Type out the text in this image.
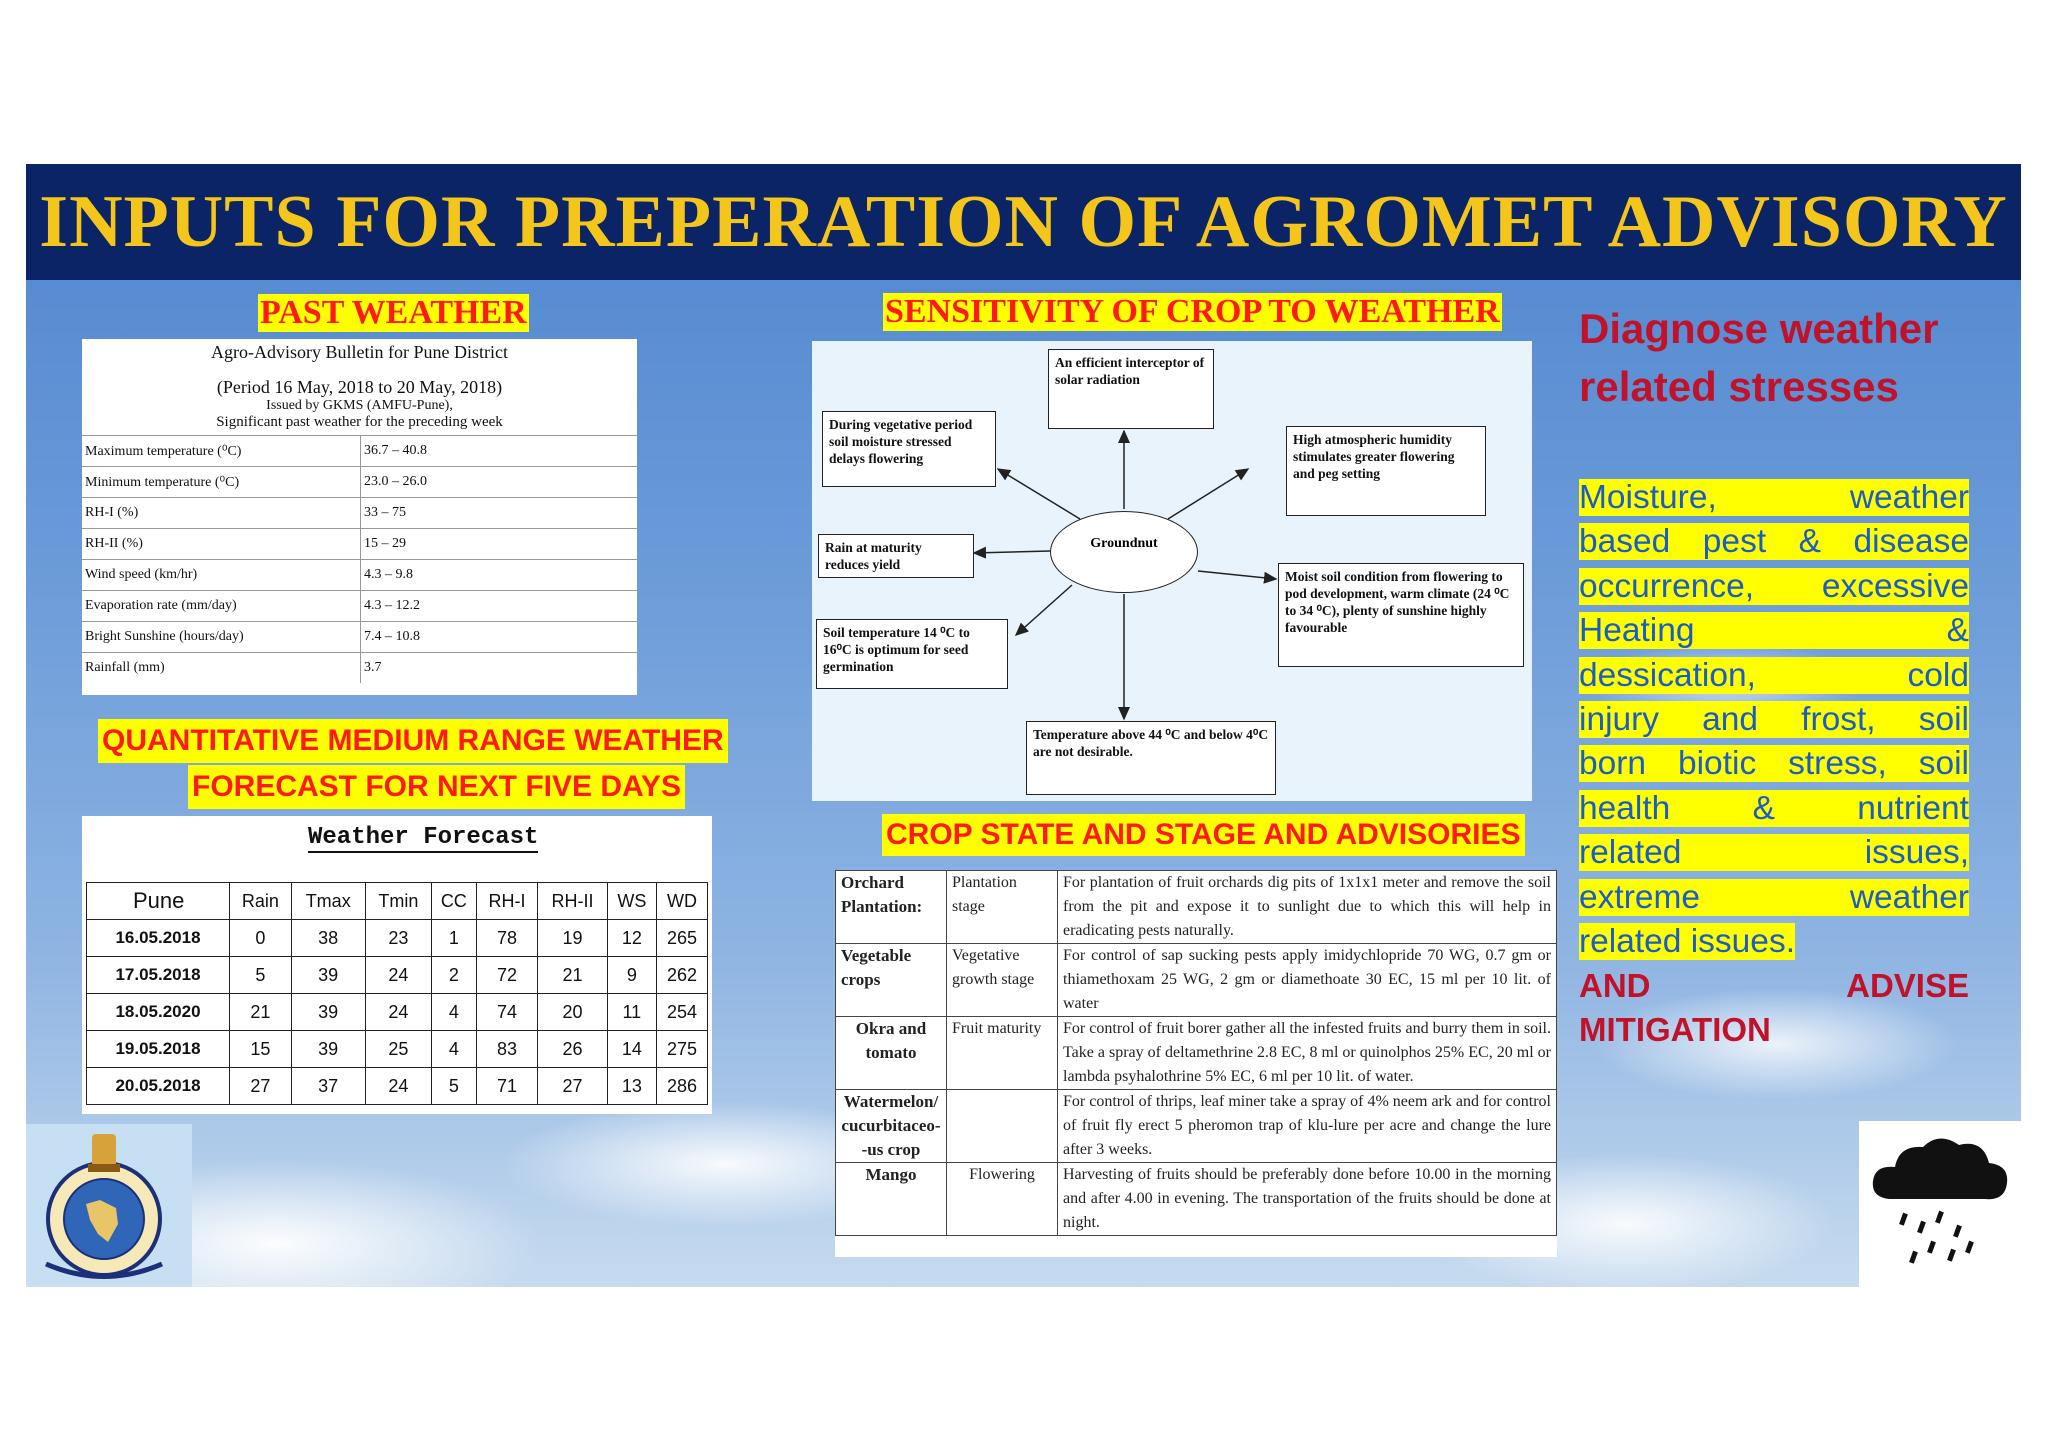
INPUTS FOR PREPERATION OF AGROMET ADVISORY
PAST WEATHER
Agro-Advisory Bulletin for Pune District
(Period 16 May, 2018 to 20 May, 2018)
Issued by GKMS (AMFU-Pune),
Significant past weather for the preceding week
Maximum temperature (⁰C)	36.7 – 40.8
Minimum temperature (⁰C)	23.0 – 26.0
RH-I (%)	33 – 75
RH-II (%)	15 – 29
Wind speed (km/hr)	4.3 – 9.8
Evaporation rate (mm/day)	4.3 – 12.2
Bright Sunshine (hours/day)	7.4 – 10.8
Rainfall (mm)	3.7
QUANTITATIVE MEDIUM RANGE WEATHER
FORECAST FOR NEXT FIVE DAYS
Weather Forecast
Pune	Rain	Tmax	Tmin	CC	RH-I	RH-II	WS	WD
16.05.2018	0	38	23	1	78	19	12	265
17.05.2018	5	39	24	2	72	21	9	262
18.05.2020	21	39	24	4	74	20	11	254
19.05.2018	15	39	25	4	83	26	14	275
20.05.2018	27	37	24	5	71	27	13	286
SENSITIVITY OF CROP TO WEATHER
Groundnut
An efficient interceptor of solar radiation
During vegetative period soil moisture stressed delays flowering
High atmospheric humidity stimulates greater flowering and peg setting
Rain at maturity reduces yield
Moist soil condition from flowering to pod development, warm climate (24 ⁰C to 34 ⁰C), plenty of sunshine highly favourable
Soil temperature 14 ⁰C to 16⁰C is optimum for seed germination
Temperature above 44 ⁰C and below 4⁰C are not desirable.
CROP STATE AND STAGE AND ADVISORIES
Orchard Plantation:	Plantation stage	For plantation of fruit orchards dig pits of 1x1x1 meter and remove the soil from the pit and expose it to sunlight due to which this will help in eradicating pests naturally.
Vegetable crops	Vegetative growth stage	For control of sap sucking pests apply imidychlopride 70 WG, 0.7 gm or thiamethoxam 25 WG, 2 gm or diamethoate 30 EC, 15 ml per 10 lit. of water
Okra and tomato	Fruit maturity	For control of fruit borer gather all the infested fruits and burry them in soil. Take a spray of deltamethrine 2.8 EC, 8 ml or quinolphos 25% EC, 20 ml or lambda psyhalothrine 5% EC, 6 ml per 10 lit. of water.
Watermelon/ cucurbitaceo- -us crop		For control of thrips, leaf miner take a spray of 4% neem ark and for control of fruit fly erect 5 pheromon trap of klu-lure per acre and change the lure after 3 weeks.
Mango	Flowering	Harvesting of fruits should be preferably done before 10.00 in the morning and after 4.00 in evening. The transportation of the fruits should be done at night.
Diagnose weather related stresses
Moisture, weather
based pest & disease
occurrence, excessive
Heating &
dessication, cold
injury and frost, soil
born biotic stress, soil
health & nutrient
related issues,
extreme weather
related issues.
AND ADVISE MITIGATION
